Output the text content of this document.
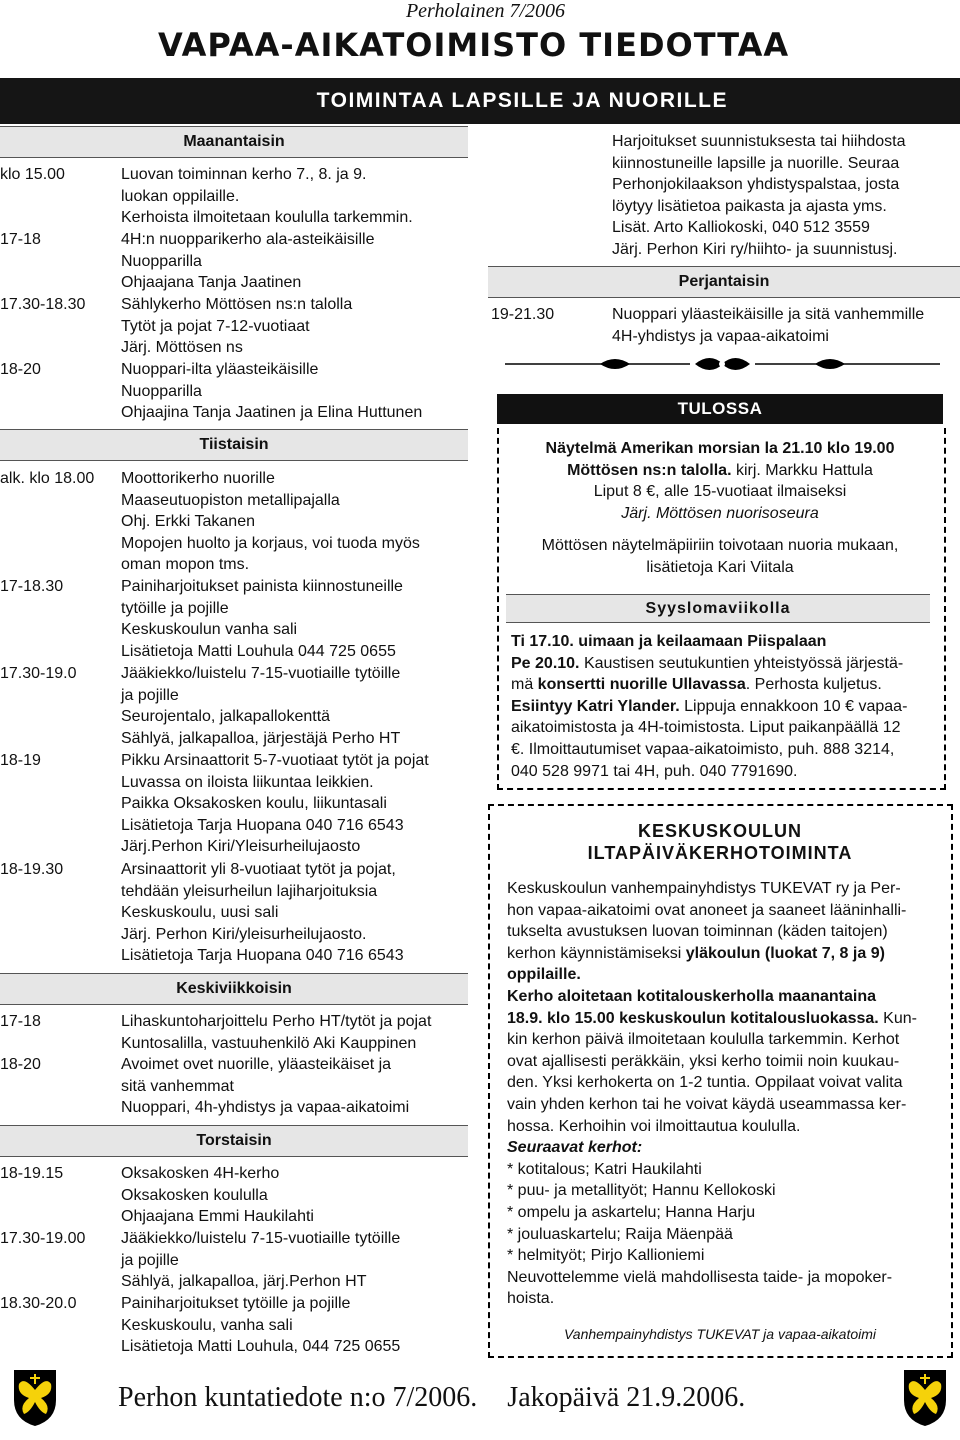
Perholainen 7/2006
VAPAA-AIKATOIMISTO TIEDOTTAA
TOIMINTAA LAPSILLE JA NUORILLE
Maanantaisin
klo 15.00	Luovan toiminnan kerho 7., 8. ja 9.
luokan oppilaille.
Kerhoista ilmoitetaan koululla tarkemmin.
17-18	4H:n nuopparikerho ala-asteikäisille
Nuopparilla
Ohjaajana Tanja Jaatinen
17.30-18.30	Sählykerho Möttösen ns:n talolla
Tytöt ja pojat 7-12-vuotiaat
Järj. Möttösen ns
18-20	Nuoppari-ilta yläasteikäisille
Nuopparilla
Ohjaajina Tanja Jaatinen ja Elina Huttunen
Tiistaisin
alk. klo 18.00	Moottorikerho nuorille
Maaseutuopiston metallipajalla
Ohj. Erkki Takanen
Mopojen huolto ja korjaus, voi tuoda myös
oman mopon tms.
17-18.30	Painiharjoitukset painista kiinnostuneille
tytöille ja pojille
Keskuskoulun vanha sali
Lisätietoja Matti Louhula 044 725 0655
17.30-19.0	Jääkiekko/luistelu 7-15-vuotiaille tytöille
ja pojille
Seurojentalo, jalkapallokenttä
Sählyä, jalkapalloa, järjestäjä Perho HT
18-19	Pikku Arsinaattorit 5-7-vuotiaat tytöt ja pojat
Luvassa on iloista liikuntaa leikkien.
Paikka Oksakosken koulu, liikuntasali
Lisätietoja Tarja Huopana 040 716 6543
Järj.Perhon Kiri/Yleisurheilujaosto
18-19.30	Arsinaattorit yli 8-vuotiaat tytöt ja pojat,
tehdään yleisurheilun lajiharjoituksia
Keskuskoulu, uusi sali
Järj. Perhon Kiri/yleisurheilujaosto.
Lisätietoja Tarja Huopana 040 716 6543
Keskiviikkoisin
17-18	Lihaskuntoharjoittelu Perho HT/tytöt ja pojat
Kuntosalilla, vastuuhenkilö Aki Kauppinen
18-20	Avoimet ovet nuorille, yläasteikäiset ja
sitä vanhemmat
Nuoppari, 4h-yhdistys ja vapaa-aikatoimi
Torstaisin
18-19.15	Oksakosken 4H-kerho
Oksakosken koululla
Ohjaajana Emmi Haukilahti
17.30-19.00	Jääkiekko/luistelu 7-15-vuotiaille tytöille
ja pojille
Sählyä, jalkapalloa, järj.Perhon HT
18.30-20.0	Painiharjoitukset tytöille ja pojille
Keskuskoulu, vanha sali
Lisätietoja Matti Louhula, 044 725 0655
Harjoitukset suunnistuksesta tai hiihdosta
kiinnostuneille lapsille ja nuorille. Seuraa
Perhonjokilaakson yhdistyspalstaa, josta
löytyy lisätietoa paikasta ja ajasta yms.
Lisät. Arto Kalliokoski, 040 512 3559
Järj. Perhon Kiri ry/hiihto- ja suunnistusj.
Perjantaisin
19-21.30	Nuoppari yläasteikäisille ja sitä vanhemmille
4H-yhdistys ja vapaa-aikatoimi
TULOSSA
Näytelmä Amerikan morsian la 21.10 klo 19.00
Möttösen ns:n talolla. kirj. Markku Hattula
Liput 8 €, alle 15-vuotiaat ilmaiseksi
Järj. Möttösen nuorisoseura
Möttösen näytelmäpiiriin toivotaan nuoria mukaan,
lisätietoja Kari Viitala
Syyslomaviikolla
Ti 17.10. uimaan ja keilaamaan Piispalaan
Pe 20.10. Kaustisen seutukuntien yhteistyössä järjestä-
mä konsertti nuorille Ullavassa. Perhosta kuljetus.
Esiintyy Katri Ylander. Lippuja ennakkoon 10 € vapaa-
aikatoimistosta ja 4H-toimistosta. Liput paikanpäällä 12
€. Ilmoittautumiset vapaa-aikatoimisto, puh. 888 3214,
040 528 9971 tai 4H, puh. 040 7791690.
KESKUSKOULUN
ILTAPÄIVÄKERHOTOIMINTA
Keskuskoulun vanhempainyhdistys TUKEVAT ry ja Per-
hon vapaa-aikatoimi ovat anoneet ja saaneet lääninhalli-
tukselta avustuksen luovan toiminnan (käden taitojen)
kerhon käynnistämiseksi yläkoulun (luokat 7, 8 ja 9)
oppilaille.
Kerho aloitetaan kotitalouskerholla maanantaina
18.9. klo 15.00 keskuskoulun kotitalousluokassa. Kun-
kin kerhon päivä ilmoitetaan koululla tarkemmin. Kerhot
ovat ajallisesti peräkkäin, yksi kerho toimii noin kuukau-
den. Yksi kerhokerta on 1-2 tuntia. Oppilaat voivat valita
vain yhden kerhon tai he voivat käydä useammassa ker-
hossa. Kerhoihin voi ilmoittautua koululla.
Seuraavat kerhot:
* kotitalous; Katri Haukilahti
* puu- ja metallityöt; Hannu Kellokoski
* ompelu ja askartelu; Hanna Harju
* jouluaskartelu; Raija Mäenpää
* helmityöt; Pirjo Kallioniemi
Neuvottelemme vielä mahdollisesta taide- ja mopoker-
hoista.
Vanhempainyhdistys TUKEVAT ja vapaa-aikatoimi
Perhon kuntatiedote n:o 7/2006. Jakopäivä 21.9.2006.
